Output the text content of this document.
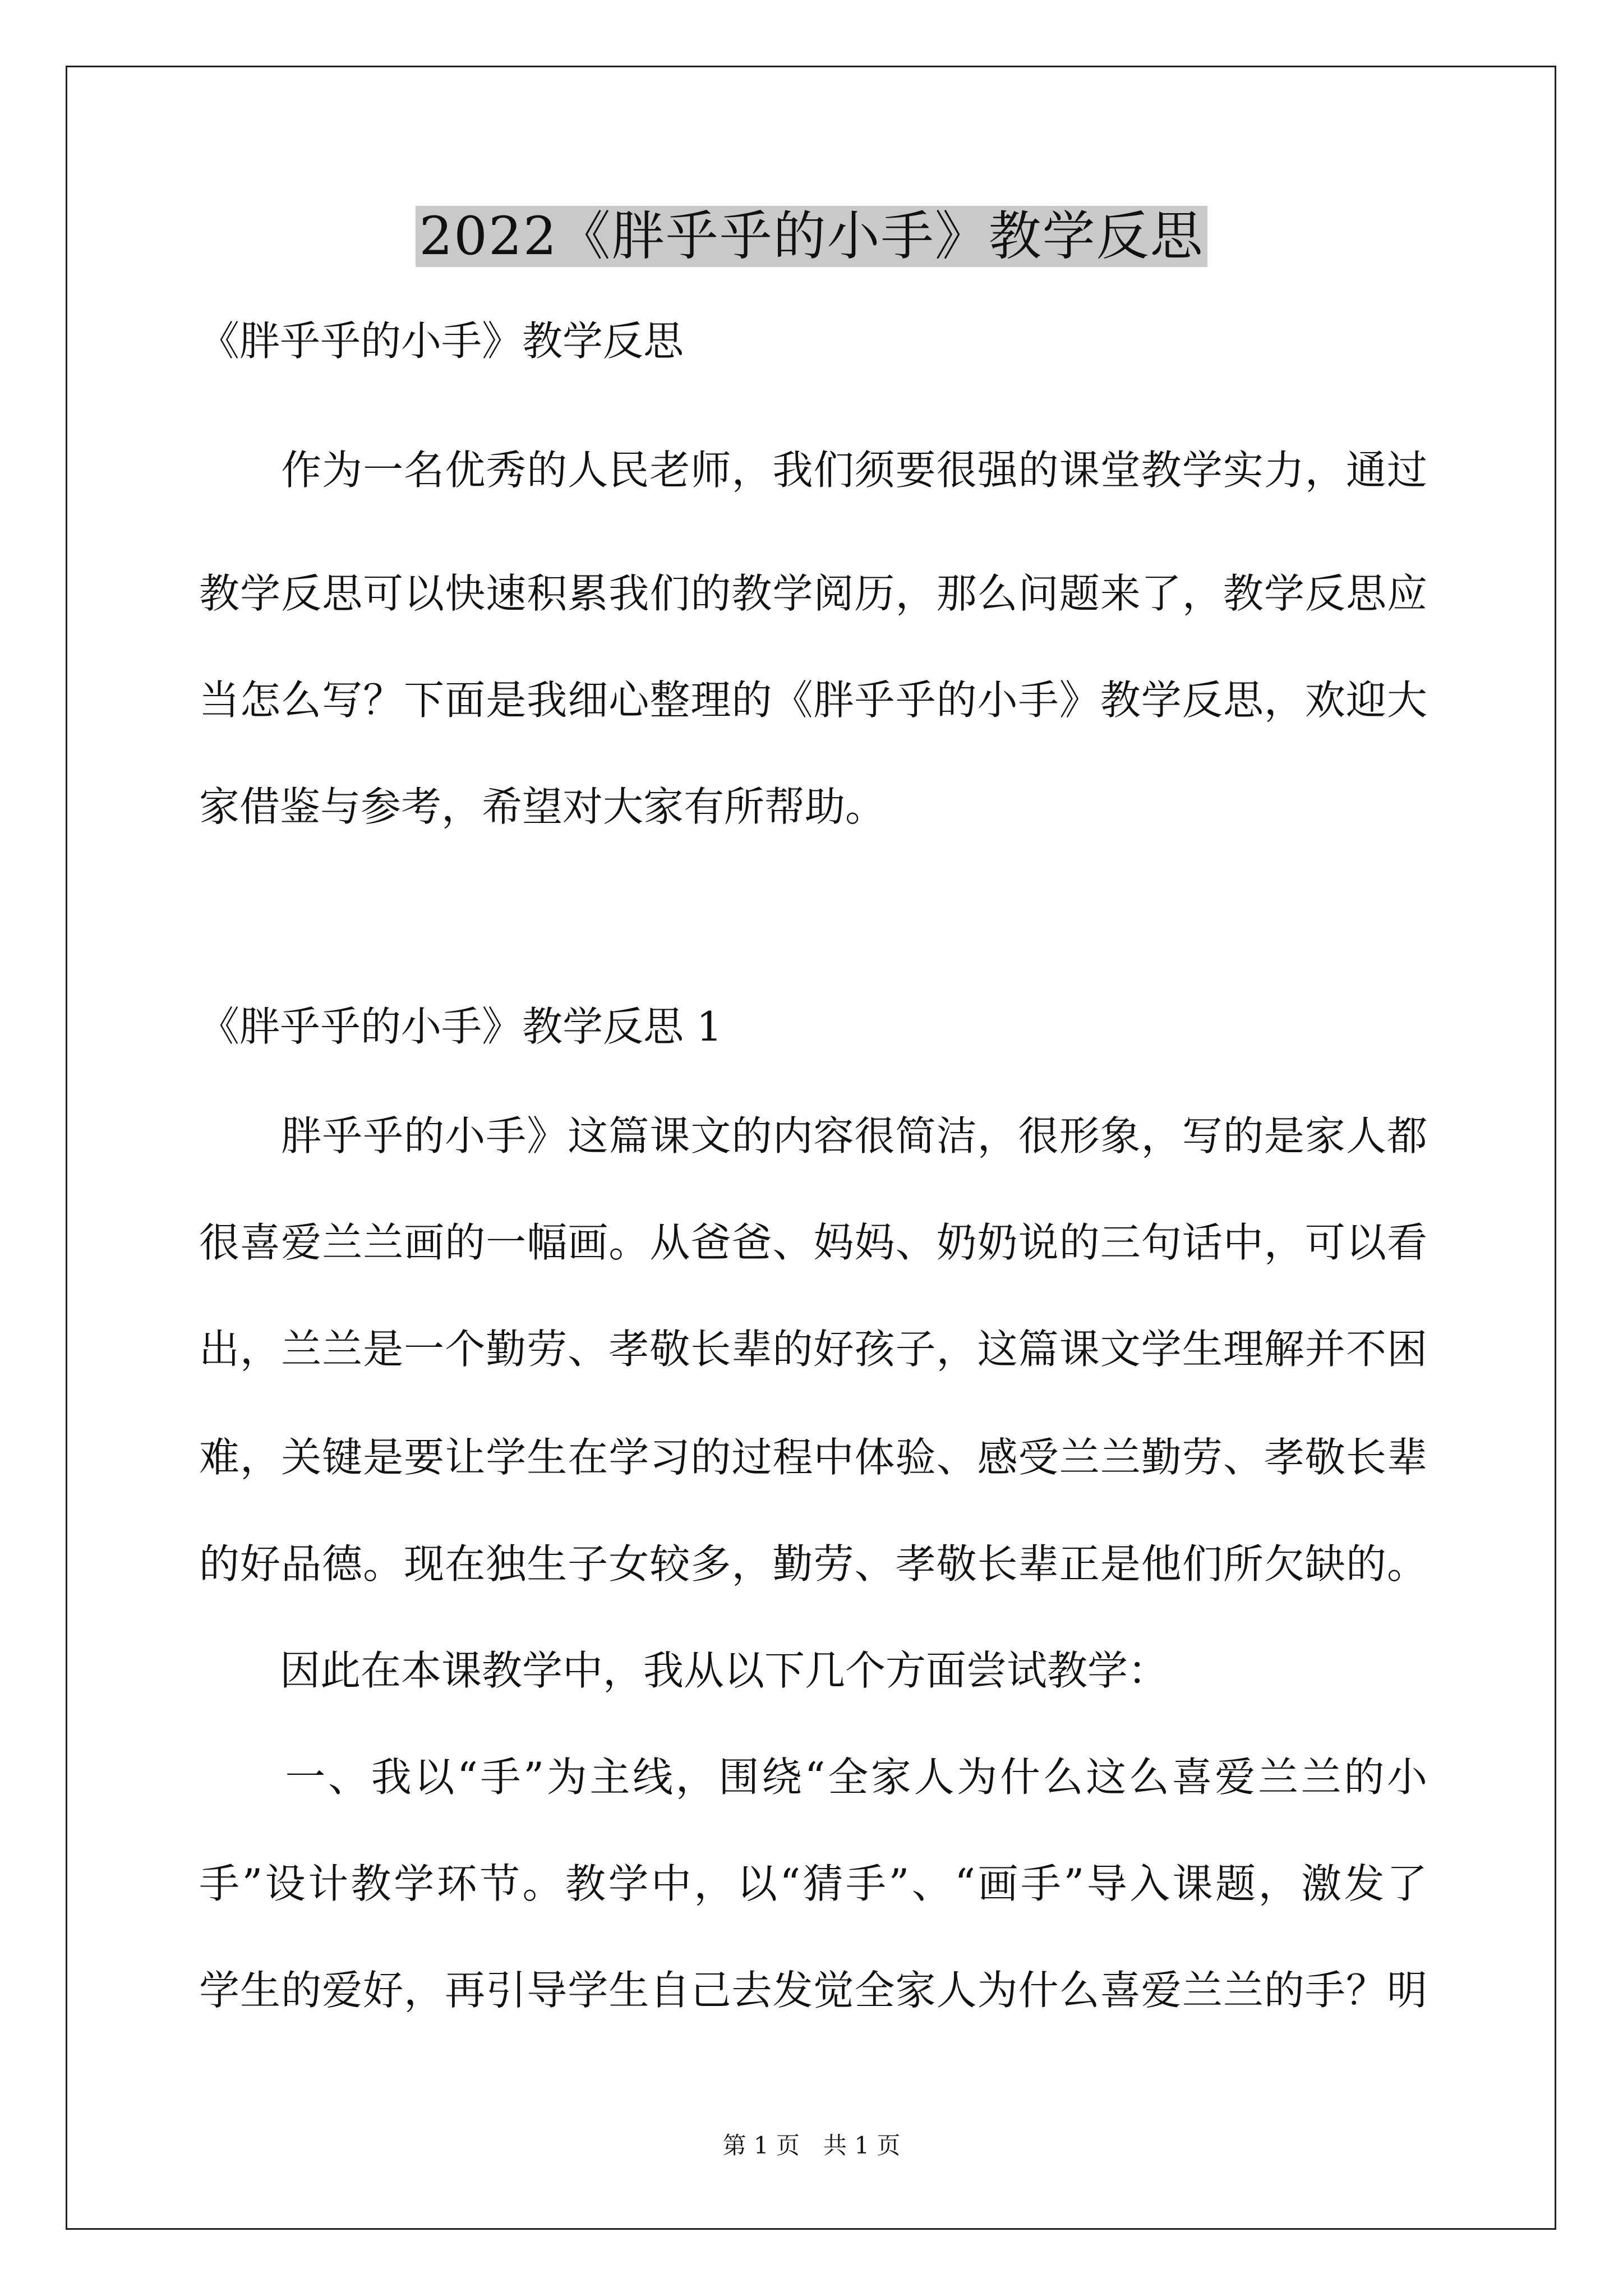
2022《胖乎乎的小手》教学反思

《胖乎乎的小手》教学反思

　　作为一名优秀的人民老师，我们须要很强的课堂教学实力，通过

教学反思可以快速积累我们的教学阅历，那么问题来了，教学反思应

当怎么写？下面是我细心整理的《胖乎乎的小手》教学反思，欢迎大

家借鉴与参考，希望对大家有所帮助。

《胖乎乎的小手》教学反思 1

　　胖乎乎的小手》这篇课文的内容很简洁，很形象，写的是家人都

很喜爱兰兰画的一幅画。从爸爸、妈妈、奶奶说的三句话中，可以看

出，兰兰是一个勤劳、孝敬长辈的好孩子，这篇课文学生理解并不困

难，关键是要让学生在学习的过程中体验、感受兰兰勤劳、孝敬长辈

的好品德。现在独生子女较多，勤劳、孝敬长辈正是他们所欠缺的。

　　因此在本课教学中，我从以下几个方面尝试教学：

　　一、我以“手”为主线，围绕“全家人为什么这么喜爱兰兰的小

手”设计教学环节。教学中，以“猜手”、“画手”导入课题，激发了

学生的爱好，再引导学生自己去发觉全家人为什么喜爱兰兰的手？明

第 1 页　共 1 页
